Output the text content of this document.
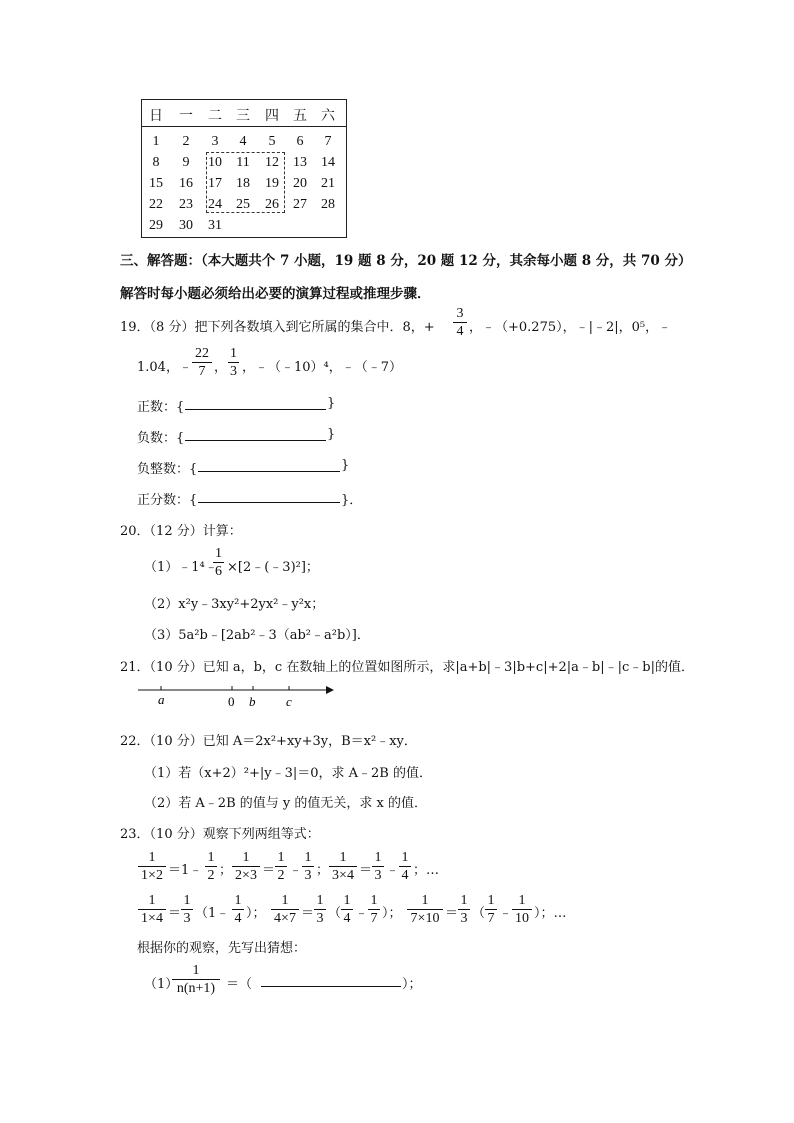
日	一	二	三	四	五	六
1	2	3	4	5	6	7
8	9	10	11	12	13	14
15	16	17	18	19	20	21
22	23	24	25	26	27	28
29	30	31
三、解答题：（本大题共个 7 小题，19 题 8 分，20 题 12 分，其余每小题 8 分，共 70 分）
解答时每小题必须给出必要的演算过程或推理步骤．
19．（8 分）把下列各数填入到它所属的集合中．8，+
3
4 ，﹣（+0.275），﹣|﹣2|，0⁵，﹣
1.04，﹣
22
7 ，
1
3 ，﹣（﹣10）⁴，﹣（﹣7）
正数：{	}
负数：{	}
负整数：{	}
正分数：{	}．
20．（12 分）计算：
（1）﹣1⁴﹣
1
6 ×[2﹣(﹣3)²]；
（2）x²y﹣3xy²+2yx²﹣y²x；
（3）5a²b﹣[2ab²﹣3（ab²﹣a²b）]．
21．（10 分）已知 a，b，c 在数轴上的位置如图所示，求|a+b|﹣3|b+c|+2|a﹣b|﹣|c﹣b|的值．
a	0 b c
22．（10 分）已知 A＝2x²+xy+3y，B＝x²﹣xy．
（1）若（x+2）²+|y﹣3|＝0，求 A﹣2B 的值．
（2）若 A﹣2B 的值与 y 的值无关，求 x 的值．
23．（10 分）观察下列两组等式：
1
1×2 ＝1﹣
1
2 ；
1
2×3 ＝
1
2 ﹣
1
3 ；
1
3×4 ＝
1
3 ﹣
1
4 ；…
1
1×4 ＝
1
3 （1﹣
1
4 ）；
1
4×7 ＝
1
3 （
1
4 ﹣
1
7 ）；
1
7×10 ＝
1
3 （
1
7 ﹣
1
10 ）；…
根据你的观察，先写出猜想：
（1）
1
n(n+1) ＝（	）；
